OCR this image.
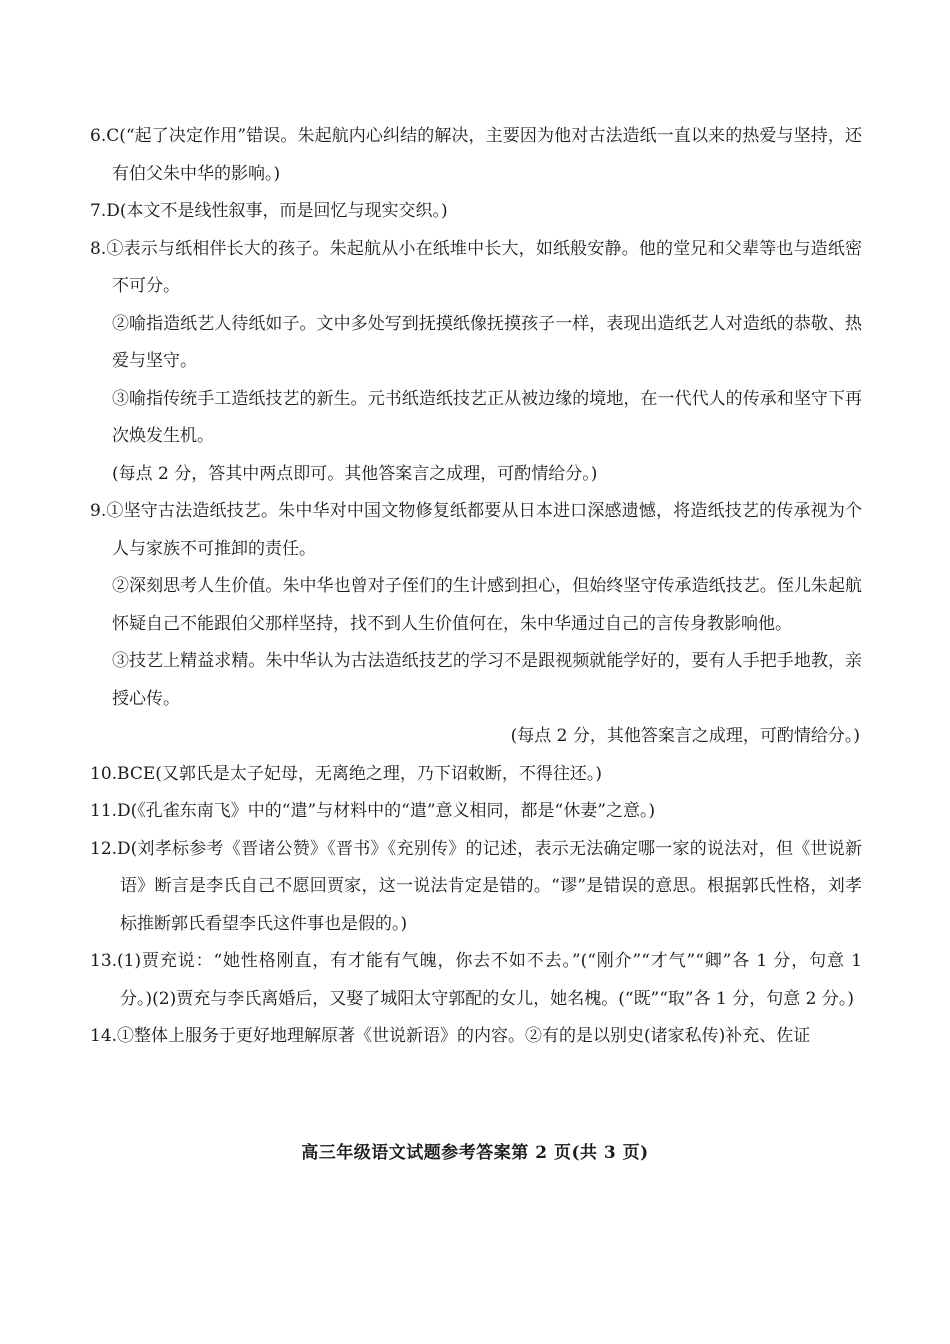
6.C(“起了决定作用”错误。朱起航内心纠结的解决，主要因为他对古法造纸一直以来的热爱与坚持，还有伯父朱中华的影响。)

7.D(本文不是线性叙事，而是回忆与现实交织。)

8.①表示与纸相伴长大的孩子。朱起航从小在纸堆中长大，如纸般安静。他的堂兄和父辈等也与造纸密不可分。

②喻指造纸艺人待纸如子。文中多处写到抚摸纸像抚摸孩子一样，表现出造纸艺人对造纸的恭敬、热爱与坚守。

③喻指传统手工造纸技艺的新生。元书纸造纸技艺正从被边缘的境地，在一代代人的传承和坚守下再次焕发生机。

(每点 2 分，答其中两点即可。其他答案言之成理，可酌情给分。)

9.①坚守古法造纸技艺。朱中华对中国文物修复纸都要从日本进口深感遗憾，将造纸技艺的传承视为个人与家族不可推卸的责任。

②深刻思考人生价值。朱中华也曾对子侄们的生计感到担心，但始终坚守传承造纸技艺。侄儿朱起航怀疑自己不能跟伯父那样坚持，找不到人生价值何在，朱中华通过自己的言传身教影响他。

③技艺上精益求精。朱中华认为古法造纸技艺的学习不是跟视频就能学好的，要有人手把手地教，亲授心传。

(每点 2 分，其他答案言之成理，可酌情给分。)

10.BCE(又郭氏是太子妃母，无离绝之理，乃下诏敕断，不得往还。)

11.D(《孔雀东南飞》中的“遣”与材料中的“遣”意义相同，都是“休妻”之意。)

12.D(刘孝标参考《晋诸公赞》《晋书》《充别传》的记述，表示无法确定哪一家的说法对，但《世说新语》断言是李氏自己不愿回贾家，这一说法肯定是错的。“谬”是错误的意思。根据郭氏性格，刘孝标推断郭氏看望李氏这件事也是假的。)

13.(1)贾充说：“她性格刚直，有才能有气魄，你去不如不去。”(“刚介”“才气”“卿”各 1 分，句意 1 分。)(2)贾充与李氏离婚后，又娶了城阳太守郭配的女儿，她名槐。(“既”“取”各 1 分，句意 2 分。)

14.①整体上服务于更好地理解原著《世说新语》的内容。②有的是以别史(诸家私传)补充、佐证

高三年级语文试题参考答案第 2 页(共 3 页)
